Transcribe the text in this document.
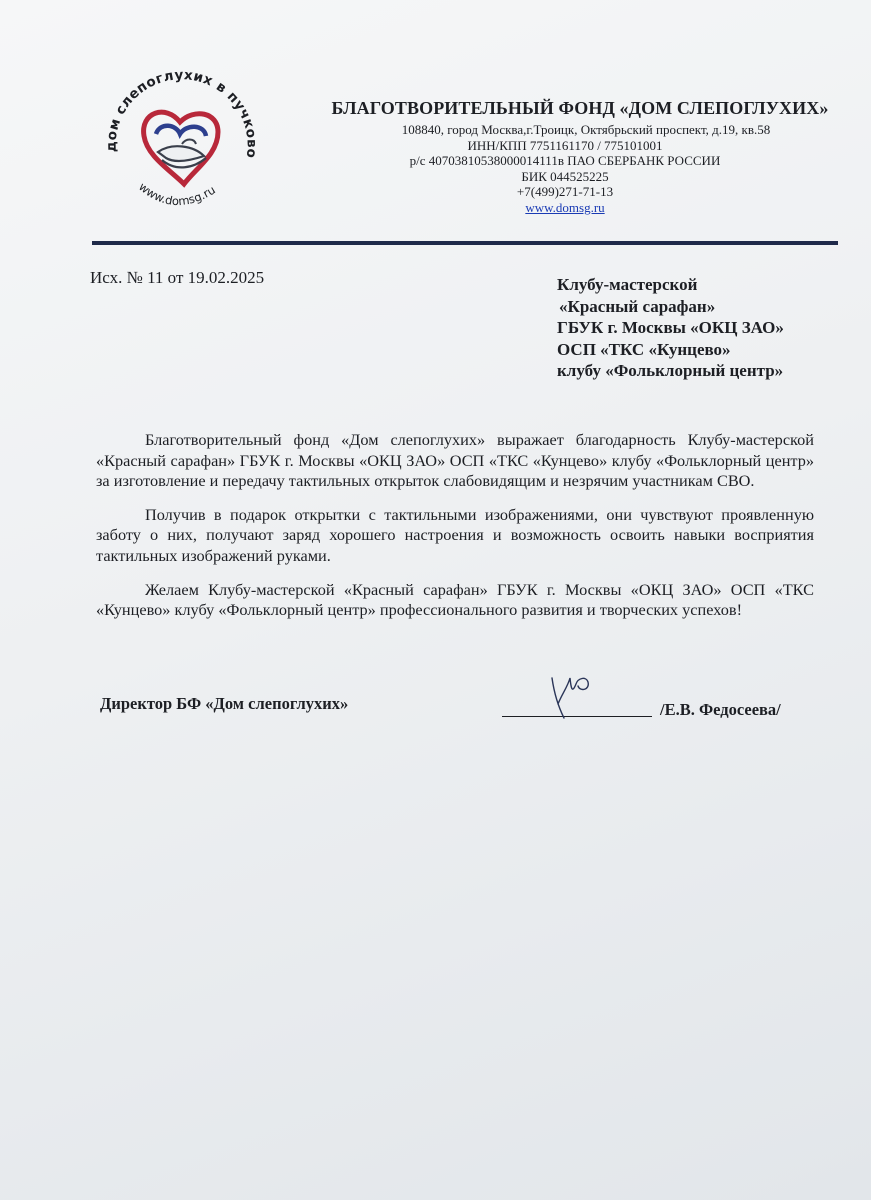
дом слепоглухих в пучково
www.domsg.ru
БЛАГОТВОРИТЕЛЬНЫЙ ФОНД «ДОМ СЛЕПОГЛУХИХ»
108840, город Москва,г.Троицк, Октябрьский проспект, д.19, кв.58
ИНН/КПП 7751161170 / 775101001
р/с 40703810538000014111в ПАО СБЕРБАНК РОССИИ
БИК 044525225
+7(499)271-71-13
www.domsg.ru
Исх. № 11 от 19.02.2025	Клубу-мастерской
«Красный сарафан»
ГБУК г. Москвы «ОКЦ ЗАО»
ОСП «ТКС «Кунцево»
клубу «Фольклорный центр»

Благотворительный фонд «Дом слепоглухих» выражает благодарность Клубу-мастерской «Красный сарафан» ГБУК г. Москвы «ОКЦ ЗАО» ОСП «ТКС «Кунцево» клубу «Фольклорный центр» за изготовление и передачу тактильных открыток слабовидящим и незрячим участникам СВО.

Получив в подарок открытки с тактильными изображениями, они чувствуют проявленную заботу о них, получают заряд хорошего настроения и возможность освоить навыки восприятия тактильных изображений руками.

Желаем Клубу-мастерской «Красный сарафан» ГБУК г. Москвы «ОКЦ ЗАО» ОСП «ТКС «Кунцево» клубу «Фольклорный центр» профессионального развития и творческих успехов!

Директор БФ «Дом слепоглухих»	/Е.В. Федосеева/
